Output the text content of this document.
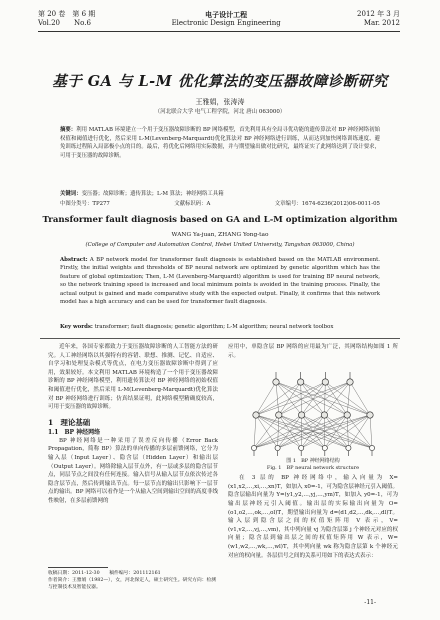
第 20 卷　第 6 期
Vol.20　　No.6
电子设计工程
Electronic Design Engineering
2012 年 3 月
Mar. 2012
基于 GA 与 L-M 优化算法的变压器故障诊断研究
王雅娟，张涛涛
（河北联合大学 电气工程学院，河北 唐山 063000）
摘要：利用 MATLAB 环境建立一个用于变压器故障诊断的 BP 网络模型，首先利用具有全局寻优功能的遗传算法对 BP 神经网络初始权值和阈值进行优化，然后采用 L-M(Levenberg-Marquardt)优化算法对 BP 神经网络进行训练，从而达到加快网络训练速度、避免训练过程陷入局部极小点的目的。最后，将优化后网络用实际数据，并与期望输出做对比研究，最终证实了此网络达到了设计要求，可用于变压器的故障诊断。
关键词：变压器；故障诊断；遗传算法；L-M 算法；神经网络工具箱
中图分类号：TP277	文献标识码：A	文章编号：1674-6236(2012)06-0011-05
Transformer fault diagnosis based on GA and L-M optimization algorithm
WANG Ya-juan, ZHANG Yong-tao
(College of Computer and Automation Control, Hebei United University, Tangshan 063000, China)
Abstract: A BP network model for transformer fault diagnosis is established based on the MATLAB environment. Firstly, the initial weights and thresholds of BP neural network are optimized by genetic algorithm which has the feature of global optimization; Then, L-M (Levenberg-Marquardt) algorithm is used for training BP neural network, so the network training speed is increased and local minimum points is avoided in the training process. Finally, the actual output is gained and made comparative study with the expected output. Finally, it confirms that this network model has a high accuracy and can be used for transformer fault diagnosis.
Key words: transformer; fault diagnosis; genetic algorithm; L-M algorithm; neural network toolbox
近年来，各国专家都致力于变压器故障诊断的人工智能方法的研究。人工神经网络以其强特有的容错、联想、推测、记忆、自适应、自学习和处理复杂模式等优点，在电力变压器故障诊断中得到了应用，效果较好。本文利用 MATLAB 环境构造了一个用于变压器故障诊断的 BP 神经网络模型，利用遗传算法对 BP 神经网络的初始权值和阈值进行优化，然后采用 L-M(Levenberg-Marquardt)优化算法对 BP 神经网络进行训练；仿真结果证明，此网络模型精确度较高，可用于变压器的故障诊断。
1　理论基础
1.1　BP 神经网络
BP 神经网络是一种采用了误差反向传播（Error Back Propagation，简称 BP）算法的单向传播的多层前馈网络，它分为输入层（Input Layer）、隐含层（Hidden Layer）和输出层（Output Layer）。网络除输入层节点外，有一层或多层的隐含层节点，同层节点之间没有任何连接。输入信号从输入层节点依次传过各隐含层节点，然后传到输出节点。每一层节点的输出只影响下一层节点的输出。BP 网络可以看作是一个从输入空间到输出空间的高度非线性映射，在多层前馈网的
应用中，单隐含层 BP 网络的应用最为广泛，其网络结构如图 1 所示。
图 1　BP 神经网络结构
Fig. 1　BP neural network structure
在 3 层的 BP 神经网络中，输入向量为 X=(x1,x2,…,xi,…,xn)T，如加入 x0=-1，可为隐含层神经元引入阈值。隐含层输出向量为 Y=(y1,y2,…,yj,…,ym)T，如加入 y0=-1，可为输出层神经元引入阈值。输出层的实际输出向量为 O=(o1,o2,…,ok,…,ol)T，期望输出向量为 d=(d1,d2,…,dk,…,dl)T。输入层到隐含层之间的权值矩阵用 V 表示，V=(v1,v2,…,vj,…,vm)，其中列向量 vj 为隐含层第 j 个神经元对应的权向量；隐含层到输出层之间的权值矩阵用 W 表示，W=(w1,w2,…,wk,…,wl)T，其中列向量 wk 称为隐含层第 k 个神经元对应的权向量。各层信号之间的关系可用如下的表达式表示：
收稿日期：2011-12-30　　稿件编号：201112161
作者简介：王雅娟（1982—），女，河北保定人，硕士研究生。研究方向：检测与控制技术及智能仪器。
-11-
